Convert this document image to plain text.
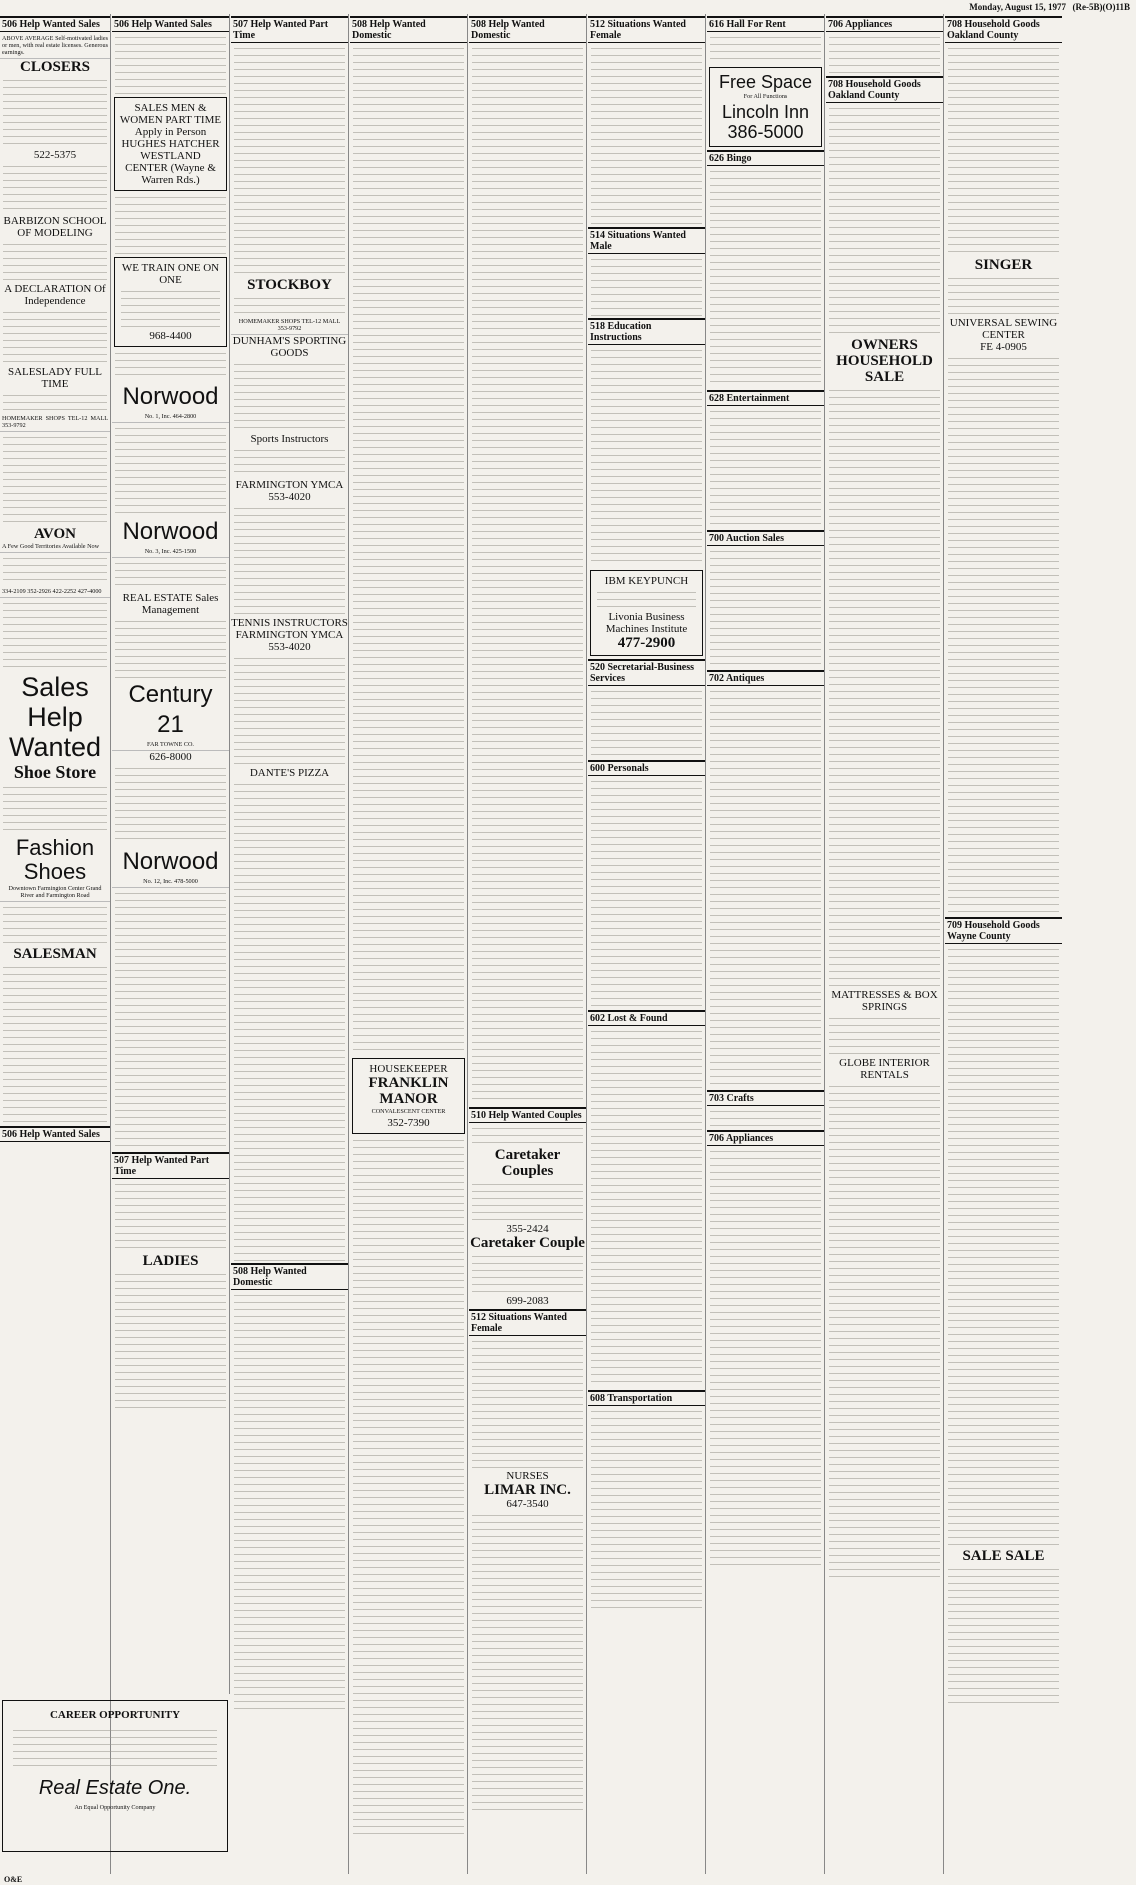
Monday, August 15, 1977 (Re-5B)(O)11B
506 Help Wanted Sales
ABOVE AVERAGE Self-motivated ladies or men, with real estate licenses. Generous earnings.
CLOSERS
522-5375
BARBIZON SCHOOL OF MODELING
A DECLARATION Of Independence
SALESLADY FULL TIME
HOMEMAKER SHOPS TEL-12 MALL 353-9792
AVON
A Few Good Territories Available Now
334-2109 352-2926 422-2252 427-4000
Sales Help Wanted
Shoe Store
Fashion Shoes
Downtown Farmington Center Grand River and Farmington Road
SALESMAN
506 Help Wanted Sales
506 Help Wanted Sales
SALES MEN & WOMEN PART TIME Apply in Person HUGHES HATCHER WESTLAND CENTER (Wayne & Warren Rds.)
WE TRAIN ONE ON ONE
968-4400
Norwood
No. 1, Inc. 464-2800
Norwood
No. 3, Inc. 425-1500
REAL ESTATE Sales Management
Century 21
FAR TOWNE CO.
626-8000
Norwood
No. 12, Inc. 478-5000
507 Help Wanted Part Time
LADIES
CAREER OPPORTUNITY
Real Estate One.
An Equal Opportunity Company
507 Help Wanted Part Time
STOCKBOY
HOMEMAKER SHOPS TEL-12 MALL 353-9792
DUNHAM'S SPORTING GOODS
Sports Instructors
FARMINGTON YMCA 553-4020
TENNIS INSTRUCTORS
FARMINGTON YMCA 553-4020
DANTE'S PIZZA
508 Help Wanted Domestic
508 Help Wanted Domestic
HOUSEKEEPER
FRANKLIN MANOR
CONVALESCENT CENTER
352-7390
508 Help Wanted Domestic
510 Help Wanted Couples
Caretaker Couples
355-2424
Caretaker Couple
699-2083
512 Situations Wanted Female
NURSES
LIMAR INC.
647-3540
512 Situations Wanted Female
514 Situations Wanted Male
518 Education Instructions
IBM KEYPUNCH
Livonia Business Machines Institute
477-2900
520 Secretarial-Business Services
600 Personals
602 Lost & Found
608 Transportation
616 Hall For Rent
Free Space
For All Functions
Lincoln Inn
386-5000
626 Bingo
628 Entertainment
700 Auction Sales
702 Antiques
703 Crafts
706 Appliances
706 Appliances
708 Household Goods Oakland County
OWNERS HOUSEHOLD SALE
MATTRESSES & BOX SPRINGS
GLOBE INTERIOR RENTALS
708 Household Goods Oakland County
SINGER
UNIVERSAL SEWING CENTER
FE 4-0905
709 Household Goods Wayne County
SALE SALE
O&E
